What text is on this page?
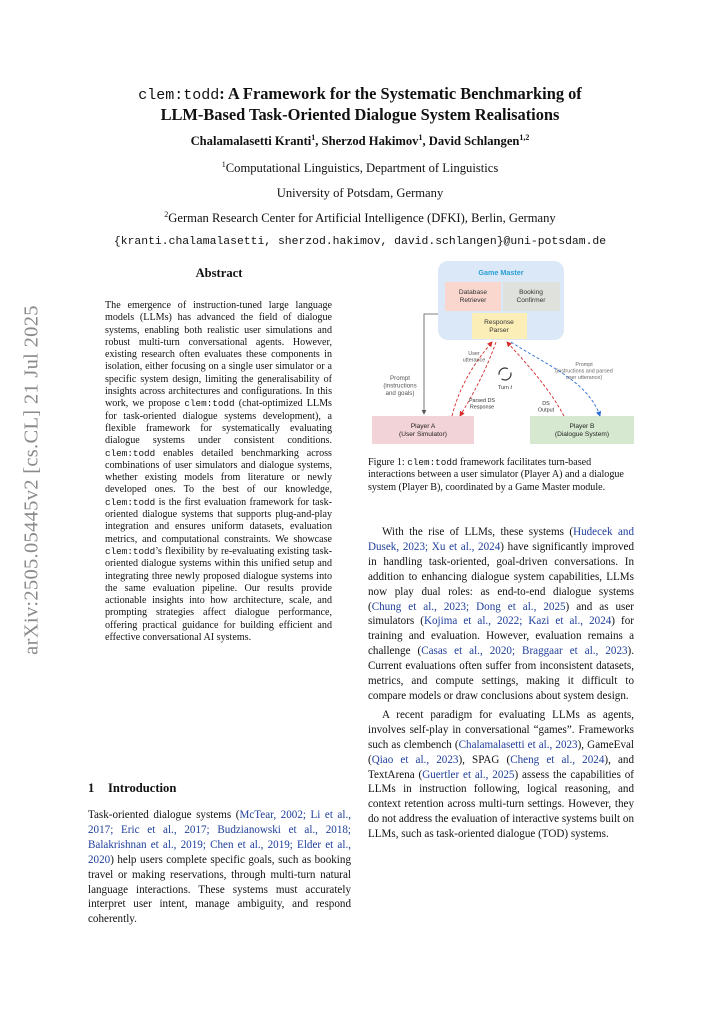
arXiv:2505.05445v2 [cs.CL] 21 Jul 2025
clem:todd: A Framework for the Systematic Benchmarking of
LLM-Based Task-Oriented Dialogue System Realisations
Chalamalasetti Kranti$^1$, Sherzod Hakimov$^1$, David Schlangen$^{1,2}$
$^1$Computational Linguistics, Department of Linguistics
University of Potsdam, Germany
$^2$German Research Center for Artificial Intelligence (DFKI), Berlin, Germany
{kranti.chalamalasetti, sherzod.hakimov, david.schlangen}@uni-potsdam.de
Abstract
The emergence of instruction-tuned large language models (LLMs) has advanced the field of dialogue systems, enabling both realistic user simulations and robust multi-turn conversational agents. However, existing research often evaluates these components in isolation, either focusing on a single user simulator or a specific system design, limiting the generalisability of insights across architectures and configurations. In this work, we propose clem:todd (chat-optimized LLMs for task-oriented dialogue systems development), a flexible framework for systematically evaluating dialogue systems under consistent conditions. clem:todd enables detailed benchmarking across combinations of user simulators and dialogue systems, whether existing models from literature or newly developed ones. To the best of our knowledge, clem:todd is the first evaluation framework for task-oriented dialogue systems that supports plug-and-play integration and ensures uniform datasets, evaluation metrics, and computational constraints. We showcase clem:todd’s flexibility by re-evaluating existing task-oriented dialogue systems within this unified setup and integrating three newly proposed dialogue systems into the same evaluation pipeline. Our results provide actionable insights into how architecture, scale, and prompting strategies affect dialogue performance, offering practical guidance for building efficient and effective conversational AI systems.
1 Introduction

Task-oriented dialogue systems (McTear, 2002; Li et al., 2017; Eric et al., 2017; Budzianowski et al., 2018; Balakrishnan et al., 2019; Chen et al., 2019; Elder et al., 2020) help users complete specific goals, such as booking travel or making reservations, through multi-turn natural language interactions. These systems must accurately interpret user intent, manage ambiguity, and respond coherently.

Game Master
Database Retriever
Booking Confirmer
Response Parser
Prompt (instructions and goals)
User utterance
Turn t
Parsed DS Response
DS Output
Prompt (instructions and parsed user utterance)
Player A (User Simulator)
Player B (Dialogue System)
Figure 1: clem:todd framework facilitates turn-based interactions between a user simulator (Player A) and a dialogue system (Player B), coordinated by a Game Master module.

With the rise of LLMs, these systems (Hudecek and Dusek, 2023; Xu et al., 2024) have significantly improved in handling task-oriented, goal-driven conversations. In addition to enhancing dialogue system capabilities, LLMs now play dual roles: as end-to-end dialogue systems (Chung et al., 2023; Dong et al., 2025) and as user simulators (Kojima et al., 2022; Kazi et al., 2024) for training and evaluation. However, evaluation remains a challenge (Casas et al., 2020; Braggaar et al., 2023). Current evaluations often suffer from inconsistent datasets, metrics, and compute settings, making it difficult to compare models or draw conclusions about system design.

A recent paradigm for evaluating LLMs as agents, involves self-play in conversational “games”. Frameworks such as clembench (Chalamalasetti et al., 2023), GameEval (Qiao et al., 2023), SPAG (Cheng et al., 2024), and TextArena (Guertler et al., 2025) assess the capabilities of LLMs in instruction following, logical reasoning, and context retention across multi-turn settings. However, they do not address the evaluation of interactive systems built on LLMs, such as task-oriented dialogue (TOD) systems.
